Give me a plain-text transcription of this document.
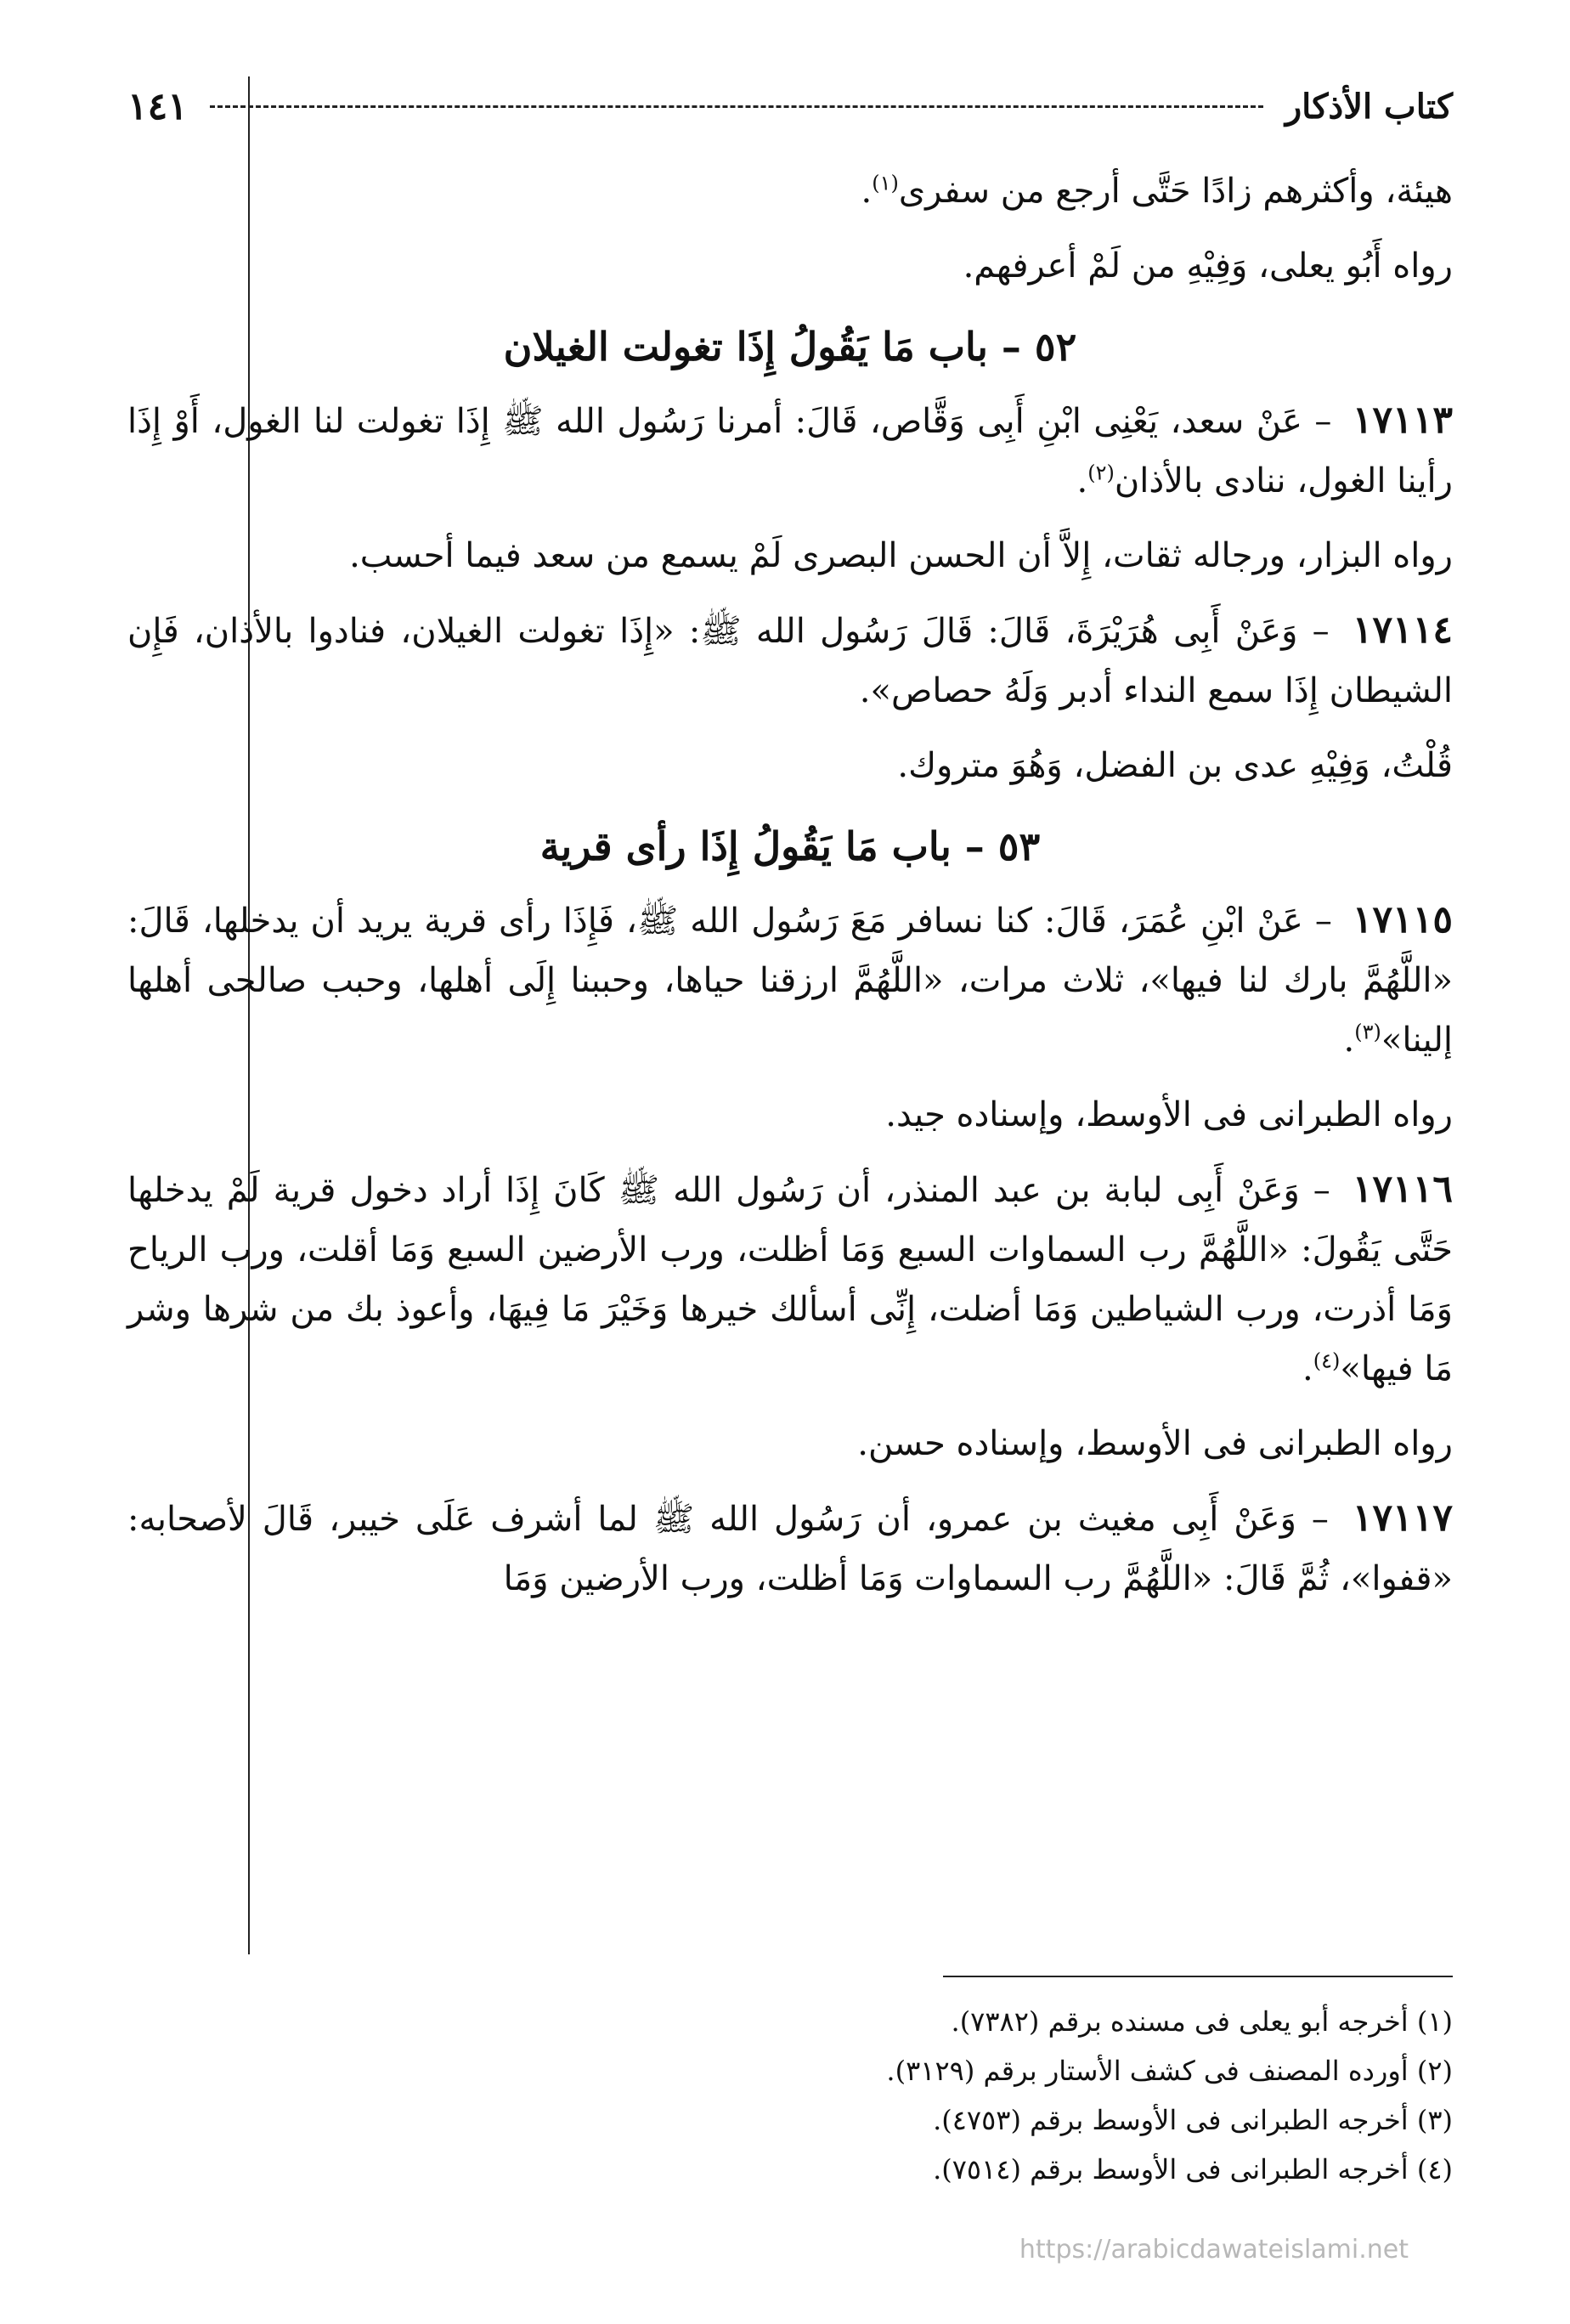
كتاب الأذكار
١٤١

هيئة، وأكثرهم زادًا حَتَّى أرجع من سفرى$^{(١)}$.

رواه أَبُو يعلى، وَفِيْهِ من لَمْ أعرفهم.

٥٢ – باب مَا يَقُولُ إِذَا تغولت الغيلان

١٧١١٣ – عَنْ سعد، يَعْنِى ابْنِ أَبِى وَقَّاص، قَالَ: أمرنا رَسُول الله ﷺ إِذَا تغولت لنا الغول، أَوْ إِذَا رأينا الغول، ننادى بالأذان$^{(٢)}$.

رواه البزار، ورجاله ثقات، إِلاَّ أن الحسن البصرى لَمْ يسمع من سعد فيما أحسب.

١٧١١٤ – وَعَنْ أَبِى هُرَيْرَةَ، قَالَ: قَالَ رَسُول الله ﷺ: «إِذَا تغولت الغيلان، فنادوا بالأذان، فَإِن الشيطان إِذَا سمع النداء أدبر وَلَهُ حصاص».

قُلْتُ، وَفِيْهِ عدى بن الفضل، وَهُوَ متروك.

٥٣ – باب مَا يَقُولُ إِذَا رأى قرية

١٧١١٥ – عَنْ ابْنِ عُمَرَ، قَالَ: كنا نسافر مَعَ رَسُول الله ﷺ، فَإِذَا رأى قرية يريد أن يدخلها، قَالَ: «اللَّهُمَّ بارك لنا فيها»، ثلاث مرات، «اللَّهُمَّ ارزقنا حياها، وحببنا إِلَى أهلها، وحبب صالحى أهلها إلينا»$^{(٣)}$.

رواه الطبرانى فى الأوسط، وإسناده جيد.

١٧١١٦ – وَعَنْ أَبِى لبابة بن عبد المنذر، أن رَسُول الله ﷺ كَانَ إِذَا أراد دخول قرية لَمْ يدخلها حَتَّى يَقُولَ: «اللَّهُمَّ رب السماوات السبع وَمَا أظلت، ورب الأرضين السبع وَمَا أقلت، ورب الرياح وَمَا أذرت، ورب الشياطين وَمَا أضلت، إِنِّى أسألك خيرها وَخَيْرَ مَا فِيهَا، وأعوذ بك من شرها وشر مَا فيها»$^{(٤)}$.

رواه الطبرانى فى الأوسط، وإسناده حسن.

١٧١١٧ – وَعَنْ أَبِى مغيث بن عمرو، أن رَسُول الله ﷺ لما أشرف عَلَى خيبر، قَالَ لأصحابه: «قفوا»، ثُمَّ قَالَ: «اللَّهُمَّ رب السماوات وَمَا أظلت، ورب الأرضين وَمَا

(١) أخرجه أبو يعلى فى مسنده برقم (٧٣٨٢).

(٢) أورده المصنف فى كشف الأستار برقم (٣١٢٩).

(٣) أخرجه الطبرانى فى الأوسط برقم (٤٧٥٣).

(٤) أخرجه الطبرانى فى الأوسط برقم (٧٥١٤).

https://arabicdawateislami.net
